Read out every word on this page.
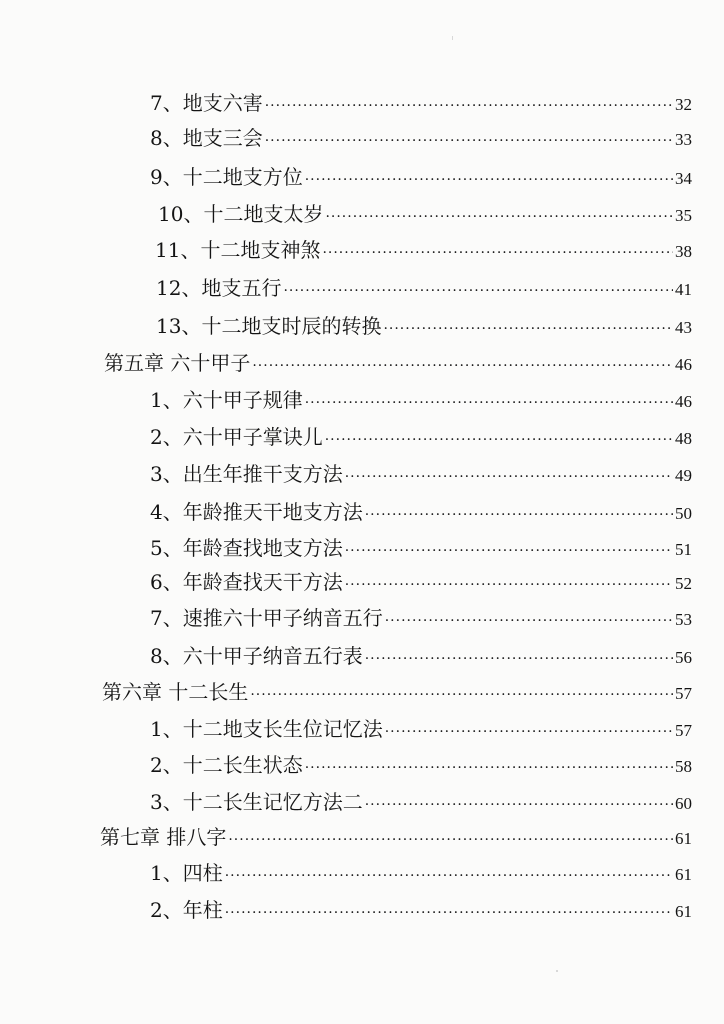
7、地支六害 ·····	32
8、地支三会 ·····	33
9、十二地支方位 ·····	34
10、十二地支太岁 ·····	35
11、十二地支神煞 ·····	38
12、地支五行 ·····	41
13、十二地支时辰的转换 ·····	43
第五章 六十甲子 ·····	46
1、六十甲子规律 ·····	46
2、六十甲子掌诀儿 ·····	48
3、出生年推干支方法 ·····	49
4、年龄推天干地支方法 ·····	50
5、年龄查找地支方法 ·····	51
6、年龄查找天干方法 ·····	52
7、速推六十甲子纳音五行 ·····	53
8、六十甲子纳音五行表 ·····	56
第六章 十二长生 ·····	57
1、十二地支长生位记忆法 ·····	57
2、十二长生状态 ·····	58
3、十二长生记忆方法二 ·····	60
第七章 排八字 ·····	61
1、四柱 ·····	61
2、年柱 ·····	61
